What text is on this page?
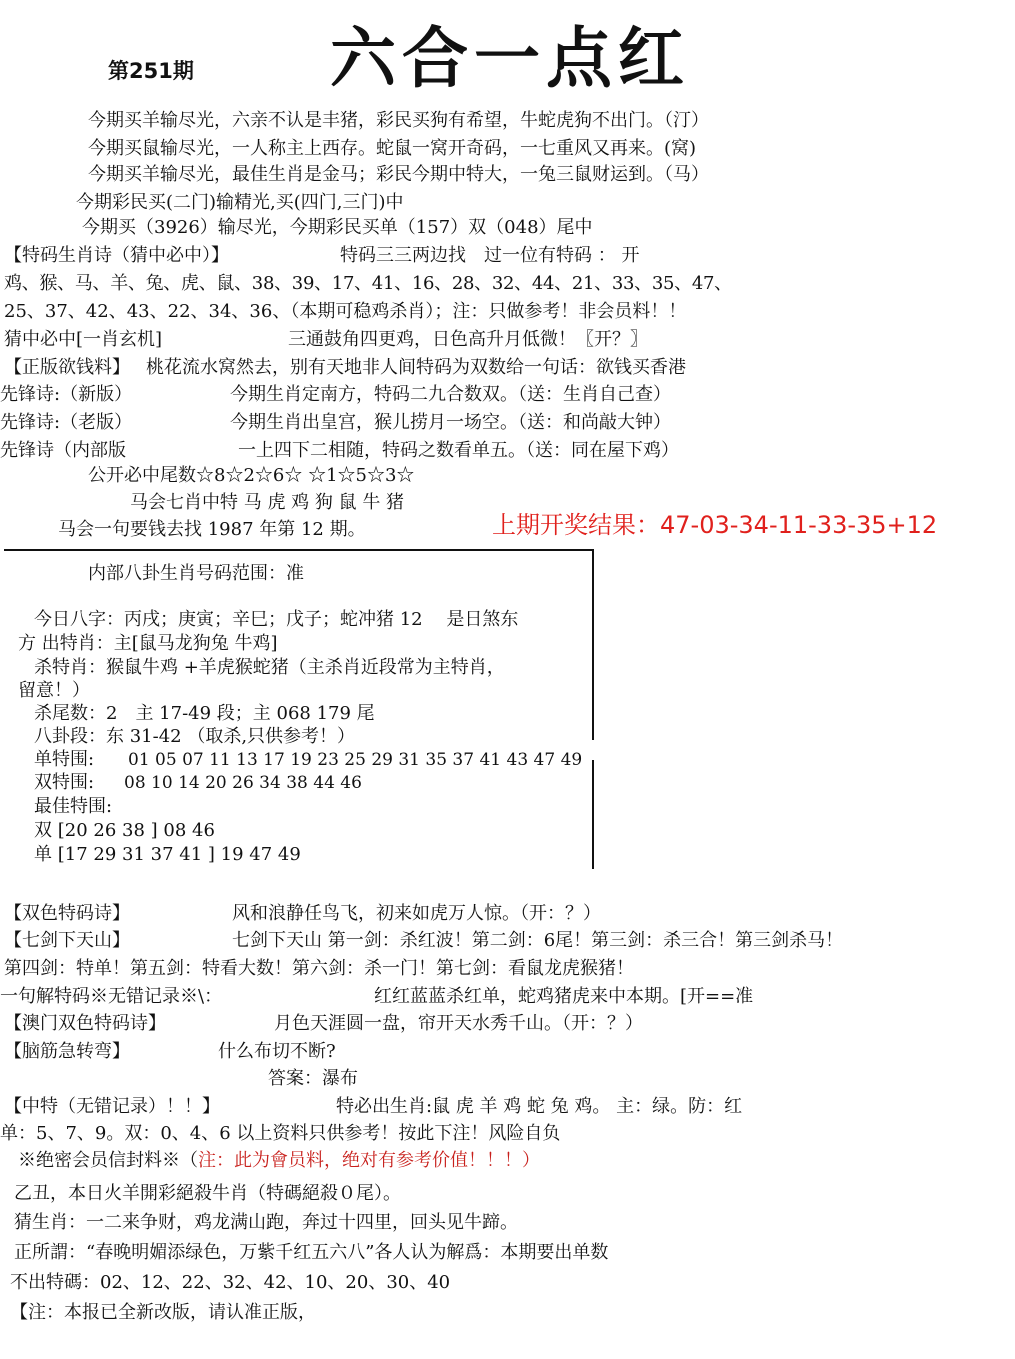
第251期 六合一点红
今期买羊输尽光，六亲不认是丰猪，彩民买狗有希望，牛蛇虎狗不出门。（汀）
今期买鼠输尽光，一人称主上西存。蛇鼠一窝开奇码，一七重风又再来。(窝)
今期买羊输尽光，最佳生肖是金马；彩民今期中特大，一兔三鼠财运到。（马）
今期彩民买(二门)输精光,买(四门,三门)中
今期买（3926）输尽光，今期彩民买单（157）双（048）尾中
【特码生肖诗（猜中必中）】	特码三三两边找　过一位有特码 ： 开
鸡、猴、马、羊、兔、虎、鼠、38、39、17、41、16、28、32、44、21、33、35、47、
25、37、42、43、22、34、36、（本期可稳鸡杀肖）；注：只做参考！非会员料！！
猜中必中[一肖玄机]	三通鼓角四更鸡，日色高升月低微！〖开？〗
【正版欲钱料】 桃花流水窝然去，别有天地非人间特码为双数给一句话：欲钱买香港
先锋诗:（新版）	今期生肖定南方，特码二九合数双。（送：生肖自己查）
先锋诗:（老版）	今期生肖出皇宫，猴儿捞月一场空。（送：和尚敲大钟）
先锋诗（内部版	一上四下二相随，特码之数看单五。（送：同在屋下鸡）
公开必中尾数☆8☆2☆6☆ ☆1☆5☆3☆
马会七肖中特 马 虎 鸡 狗 鼠 牛 猪
马会一句要钱去找 1987 年第 12 期。	上期开奖结果：47-03-34-11-33-35+12
内部八卦生肖号码范围：准
今日八字：丙戌；庚寅；辛巳；戊子；蛇冲猪 12　 是日煞东
方 出特肖：主[鼠马龙狗兔 牛鸡]
杀特肖：猴鼠牛鸡 +羊虎猴蛇猪（主杀肖近段常为主特肖，
留意！）
杀尾数：2　主 17-49 段；主 068 179 尾
八卦段：东 31-42 （取杀,只供参考！）
单特围: 01 05 07 11 13 17 19 23 25 29 31 35 37 41 43 47 49
双特围: 08 10 14 20 26 34 38 44 46
最佳特围:
双 [20 26 38 ] 08 46
单 [17 29 31 37 41 ] 19 47 49
【双色特码诗】	风和浪静任鸟飞，初来如虎万人惊。（开：？）
【七剑下天山】	七剑下天山 第一剑：杀红波！第二剑：6尾！第三剑：杀三合！第三剑杀马！
第四剑：特单！第五剑：特看大数！第六剑：杀一门！第七剑：看鼠龙虎猴猪！
一句解特码※无错记录※\：	红红蓝蓝杀红单，蛇鸡猪虎来中本期。[开==准
【澳门双色特码诗】	月色天涯圆一盘，帘开天水秀千山。（开：？）
【脑筋急转弯】	什么布切不断?
答案：瀑布
【中特（无错记录）！！】	特必出生肖:鼠 虎 羊 鸡 蛇 兔 鸡。 主：绿。防：红
单：5、7、9。双：0、4、6 以上资料只供参考！按此下注！风险自负
※绝密会员信封料※（注：此为會员料，绝对有参考价值！！！）
乙丑，本日火羊開彩絕殺牛肖（特碼絕殺０尾）。
猜生肖：一二来争财，鸡龙满山跑，奔过十四里，回头见牛蹄。
正所謂：“春晚明媚添绿色，万紫千红五六八”各人认为解爲：本期要出单数
不出特碼：02、12、22、32、42、10、20、30、40
【注：本报已全新改版，请认准正版，
